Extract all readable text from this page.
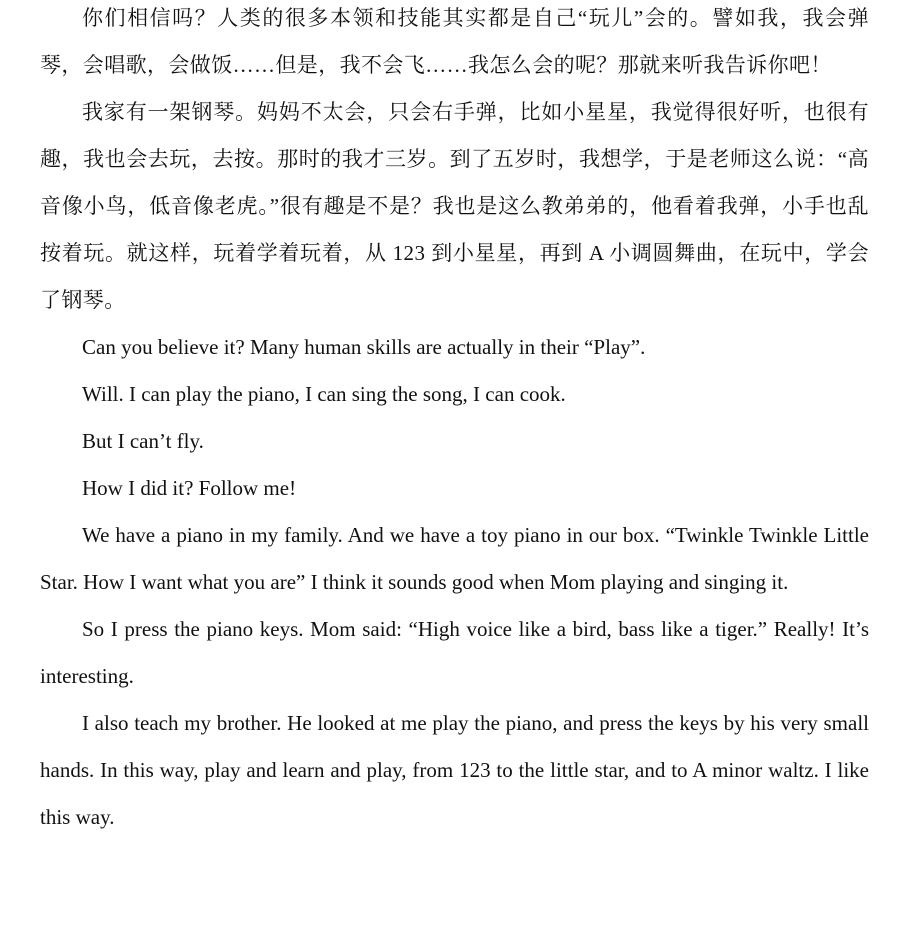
你们相信吗？人类的很多本领和技能其实都是自己“玩儿”会的。譬如我，我会弹琴，会唱歌，会做饭……但是，我不会飞……我怎么会的呢？那就来听我告诉你吧！

我家有一架钢琴。妈妈不太会，只会右手弹，比如小星星，我觉得很好听，也很有趣，我也会去玩，去按。那时的我才三岁。到了五岁时，我想学，于是老师这么说：“高音像小鸟，低音像老虎。”很有趣是不是？我也是这么教弟弟的，他看着我弹，小手也乱按着玩。就这样，玩着学着玩着，从 123 到小星星，再到 A 小调圆舞曲，在玩中，学会了钢琴。

Can you believe it? Many human skills are actually in their “Play”.

Will. I can play the piano, I can sing the song, I can cook.

But I can’t fly.

How I did it? Follow me!

We have a piano in my family. And we have a toy piano in our box. “Twinkle Twinkle Little Star. How I want what you are” I think it sounds good when Mom playing and singing it.

So I press the piano keys. Mom said: “High voice like a bird, bass like a tiger.” Really! It’s interesting.

I also teach my brother. He looked at me play the piano, and press the keys by his very small hands. In this way, play and learn and play, from 123 to the little star, and to A minor waltz. I like this way.
